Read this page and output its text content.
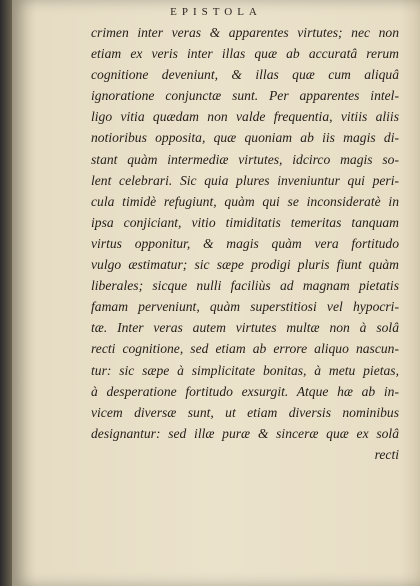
EPISTOLA
crimen inter veras & apparentes virtutes; nec non
etiam ex veris inter illas quæ ab accuratâ rerum
cognitione deveniunt, & illas quæ cum aliquâ
ignoratione conjunctæ sunt. Per apparentes intel-
ligo vitia quædam non valde frequentia, vitiis aliis
notioribus opposita, quæ quoniam ab iis magis di-
stant quàm intermediæ virtutes, idcirco magis so-
lent celebrari. Sic quia plures inveniuntur qui peri-
cula timidè refugiunt, quàm qui se inconsideratè in
ipsa conjiciant, vitio timiditatis temeritas tanquam
virtus opponitur, & magis quàm vera fortitudo
vulgo æstimatur; sic sæpe prodigi pluris fiunt quàm
liberales; sicque nulli faciliùs ad magnam pietatis
famam perveniunt, quàm superstitiosi vel hypocri-
tæ. Inter veras autem virtutes multæ non à solâ
recti cognitione, sed etiam ab errore aliquo nascun-
tur: sic sæpe à simplicitate bonitas, à metu pietas,
à desperatione fortitudo exsurgit. Atque hæ ab in-
vicem diversæ sunt, ut etiam diversis nominibus
designantur: sed illæ puræ & sinceræ quæ ex solâ
recti
